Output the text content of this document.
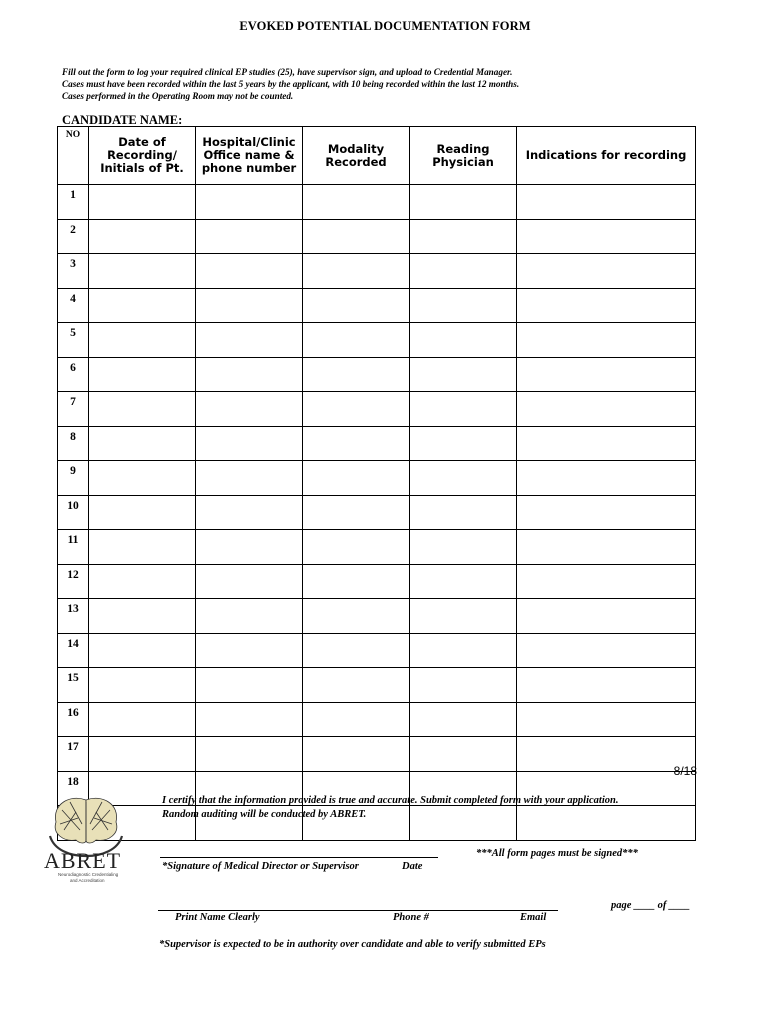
EVOKED POTENTIAL DOCUMENTATION FORM
Fill out the form to log your required clinical EP studies (25), have supervisor sign, and upload to Credential Manager.
Cases must have been recorded within the last 5 years by the applicant, with 10 being recorded within the last 12 months.
Cases performed in the Operating Room may not be counted.
CANDIDATE NAME:
NO	Date of Recording/ Initials of Pt.	Hospital/Clinic Office name & phone number	Modality Recorded	Reading Physician	Indications for recording
1					
2					
3					
4					
5					
6					
7					
8					
9					
10					
11					
12					
13					
14					
15					
16					
17					
18					

8/18
ABRET
Neurodiagnostic Credentialing
and Accreditation
I certify that the information provided is true and accurate. Submit completed form with your application.
Random auditing will be conducted by ABRET.
***All form pages must be signed***
*Signature of Medical Director or Supervisor	Date
page ____ of ____
Print Name Clearly	Phone #	Email
*Supervisor is expected to be in authority over candidate and able to verify submitted EPs
